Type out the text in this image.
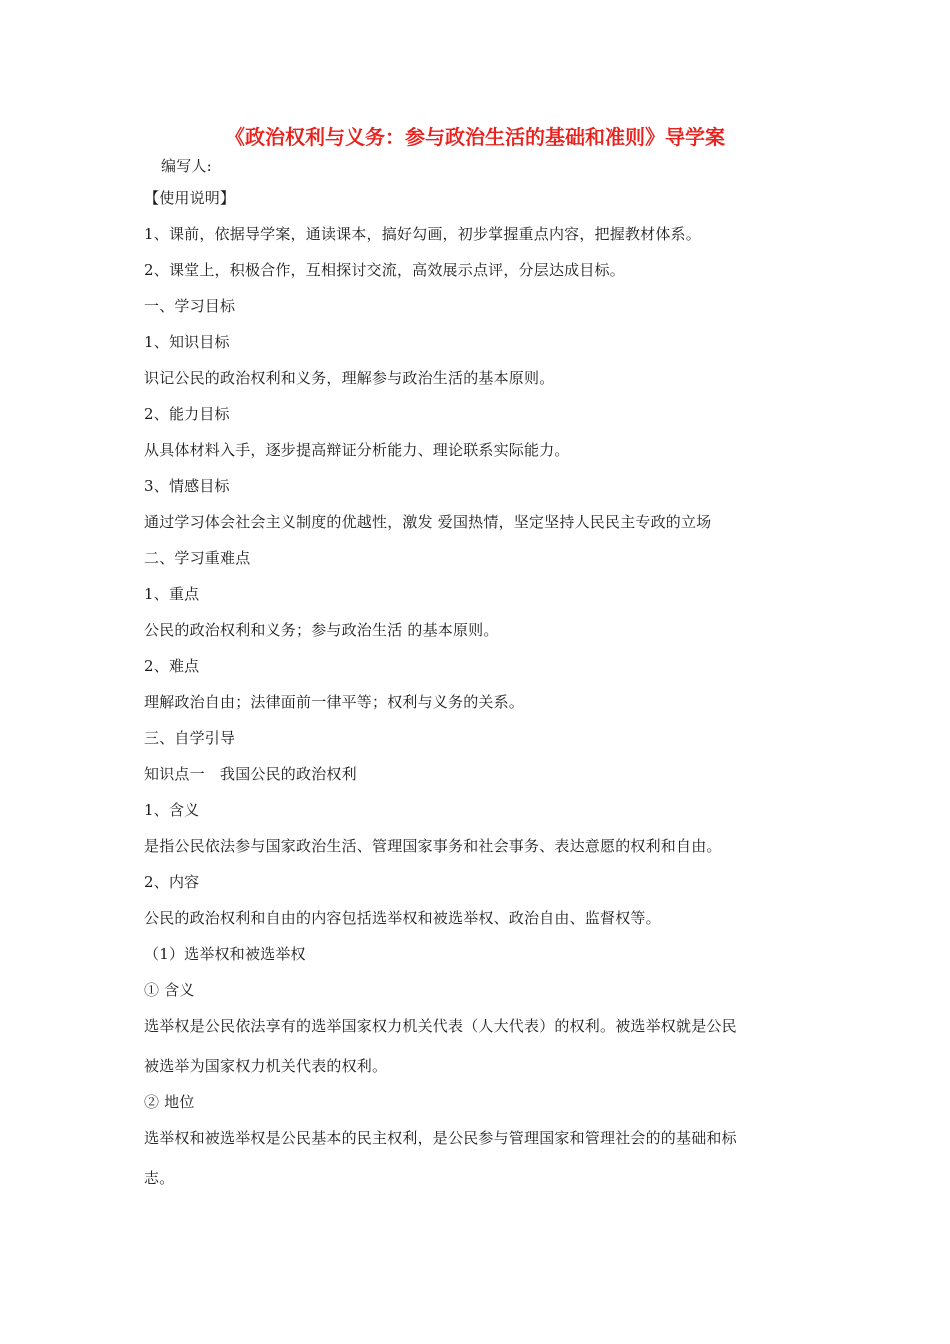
《政治权利与义务：参与政治生活的基础和准则》导学案
编写人:
【使用说明】
1、课前，依据导学案，通读课本，搞好勾画，初步掌握重点内容，把握教材体系。
2、课堂上，积极合作，互相探讨交流，高效展示点评，分层达成目标。
一、学习目标
1、知识目标
识记公民的政治权利和义务，理解参与政治生活的基本原则。
2、能力目标
从具体材料入手，逐步提高辩证分析能力、理论联系实际能力。
3、情感目标
通过学习体会社会主义制度的优越性，激发 爱国热情，坚定坚持人民民主专政的立场
二、学习重难点
1、重点
公民的政治权利和义务；参与政治生活 的基本原则。
2、难点
理解政治自由；法律面前一律平等；权利与义务的关系。
三、自学引导
知识点一　我国公民的政治权利
1、含义
是指公民依法参与国家政治生活、管理国家事务和社会事务、表达意愿的权利和自由。
2、内容
公民的政治权利和自由的内容包括选举权和被选举权、政治自由、监督权等。
（1）选举权和被选举权
① 含义
选举权是公民依法享有的选举国家权力机关代表（人大代表）的权利。被选举权就是公民
被选举为国家权力机关代表的权利。
② 地位
选举权和被选举权是公民基本的民主权利，是公民参与管理国家和管理社会的的基础和标
志。
